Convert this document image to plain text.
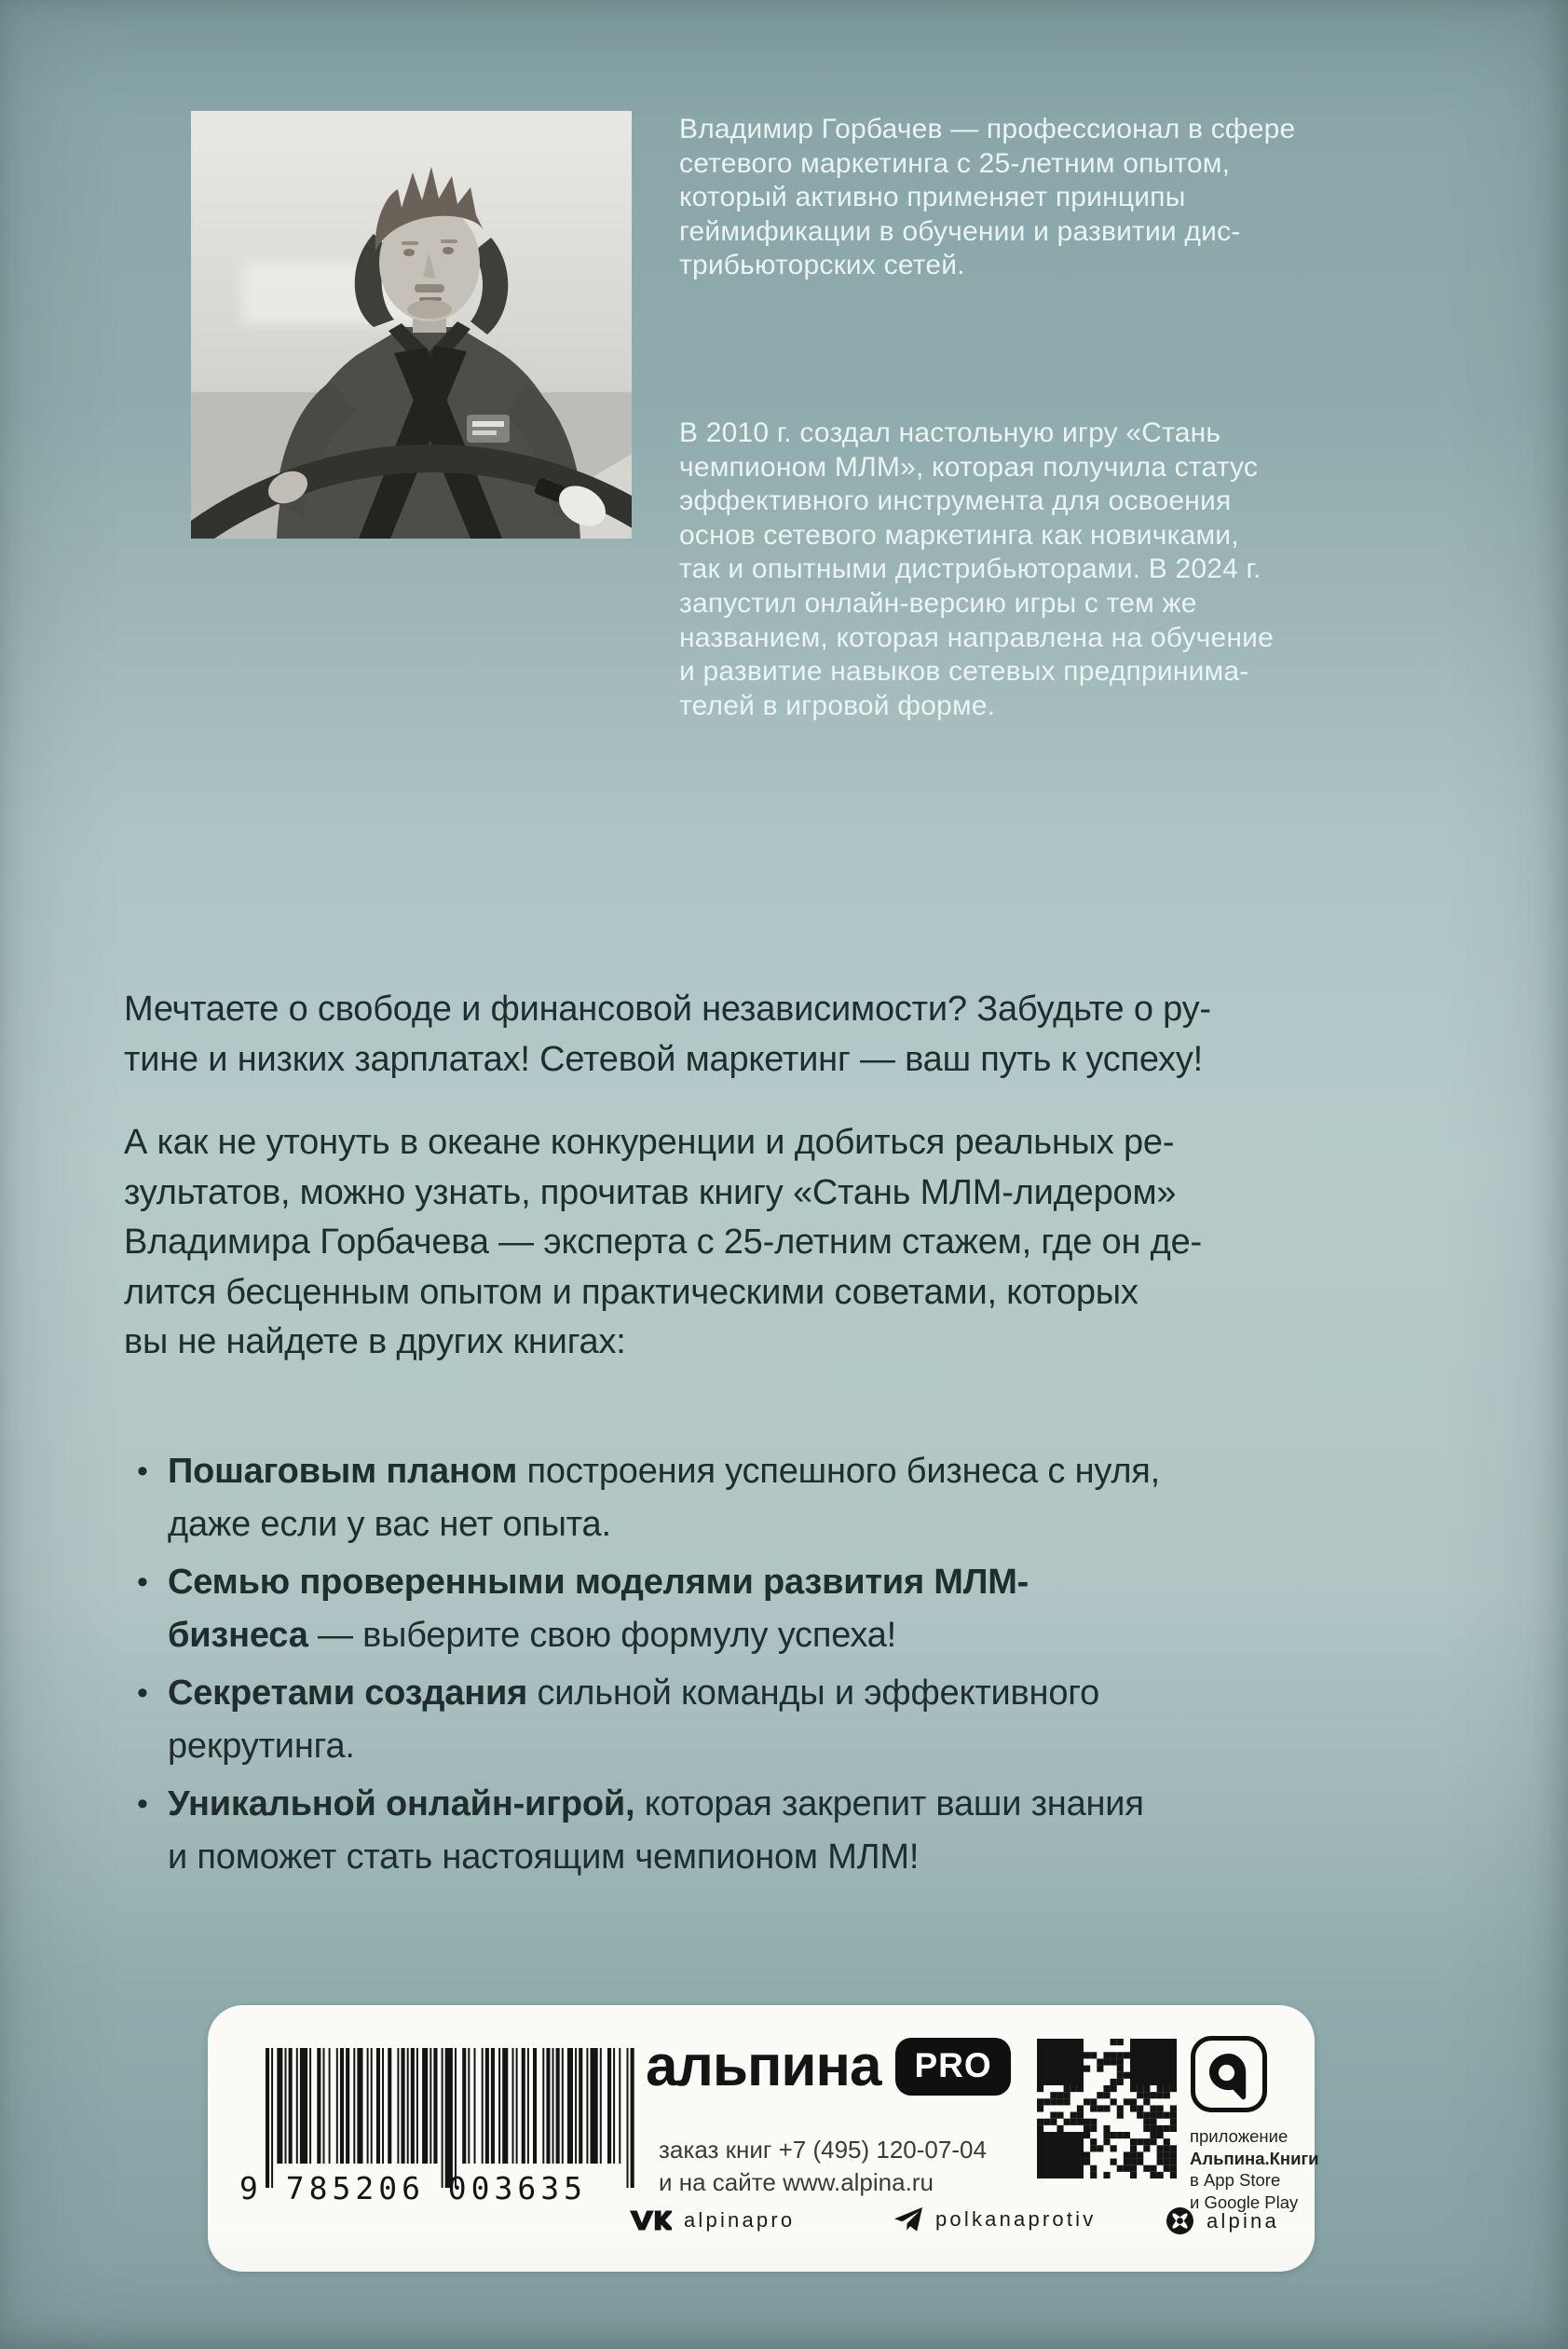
Владимир Горбачев — профессионал в сфере
сетевого маркетинга с 25-летним опытом,
который активно применяет принципы
геймификации в обучении и развитии дис-
трибьюторских сетей.
В 2010 г. создал настольную игру «Стань
чемпионом МЛМ», которая получила статус
эффективного инструмента для освоения
основ сетевого маркетинга как новичками,
так и опытными дистрибьюторами. В 2024 г.
запустил онлайн-версию игры с тем же
названием, которая направлена на обучение
и развитие навыков сетевых предпринима-
телей в игровой форме.
Мечтаете о свободе и финансовой независимости? Забудьте о ру-
тине и низких зарплатах! Сетевой маркетинг — ваш путь к успеху!
А как не утонуть в океане конкуренции и добиться реальных ре-
зультатов, можно узнать, прочитав книгу «Стань МЛМ-лидером»
Владимира Горбачева — эксперта с 25-летним стажем, где он де-
лится бесценным опытом и практическими советами, которых
вы не найдете в других книгах:
• Пошаговым планом построения успешного бизнеса с нуля,
даже если у вас нет опыта.
• Семью проверенными моделями развития МЛМ-
бизнеса — выберите свою формулу успеха!
• Секретами создания сильной команды и эффективного
рекрутинга.
• Уникальной онлайн-игрой, которая закрепит ваши знания
и поможет стать настоящим чемпионом МЛМ!
9 785206 003635
альпина PRO
заказ книг +7 (495) 120-07-04
и на сайте www.alpina.ru
приложение
Альпина.Книги
в App Store
и Google Play
alpinapro	polkanaprotiv	alpina
